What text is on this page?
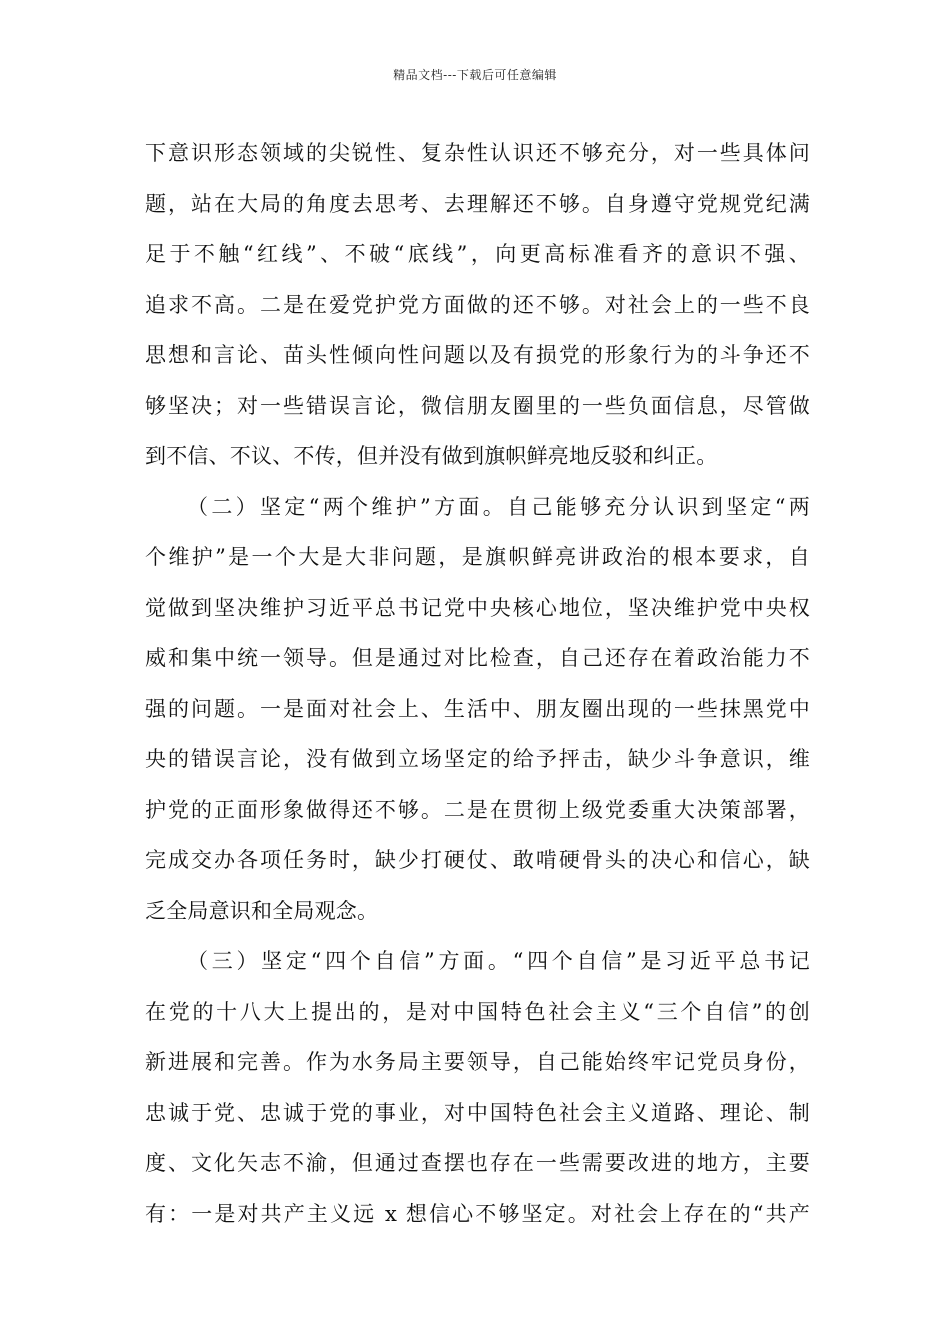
精品文档---下载后可任意编辑
下意识形态领域的尖锐性、复杂性认识还不够充分，对一些具体问
题，站在大局的角度去思考、去理解还不够。自身遵守党规党纪满
足于不触“红线”、不破“底线”，向更高标准看齐的意识不强、
追求不高。二是在爱党护党方面做的还不够。对社会上的一些不良
思想和言论、苗头性倾向性问题以及有损党的形象行为的斗争还不
够坚决；对一些错误言论，微信朋友圈里的一些负面信息，尽管做
到不信、不议、不传，但并没有做到旗帜鲜亮地反驳和纠正。
（二）坚定“两个维护”方面。自己能够充分认识到坚定“两
个维护”是一个大是大非问题，是旗帜鲜亮讲政治的根本要求，自
觉做到坚决维护习近平总书记党中央核心地位，坚决维护党中央权
威和集中统一领导。但是通过对比检查，自己还存在着政治能力不
强的问题。一是面对社会上、生活中、朋友圈出现的一些抹黑党中
央的错误言论，没有做到立场坚定的给予抨击，缺少斗争意识，维
护党的正面形象做得还不够。二是在贯彻上级党委重大决策部署，
完成交办各项任务时，缺少打硬仗、敢啃硬骨头的决心和信心，缺
乏全局意识和全局观念。
（三）坚定“四个自信”方面。“四个自信”是习近平总书记
在党的十八大上提出的，是对中国特色社会主义“三个自信”的创
新进展和完善。作为水务局主要领导，自己能始终牢记党员身份，
忠诚于党、忠诚于党的事业，对中国特色社会主义道路、理论、制
度、文化矢志不渝，但通过查摆也存在一些需要改进的地方，主要
有：一是对共产主义远 x 想信心不够坚定。对社会上存在的“共产
